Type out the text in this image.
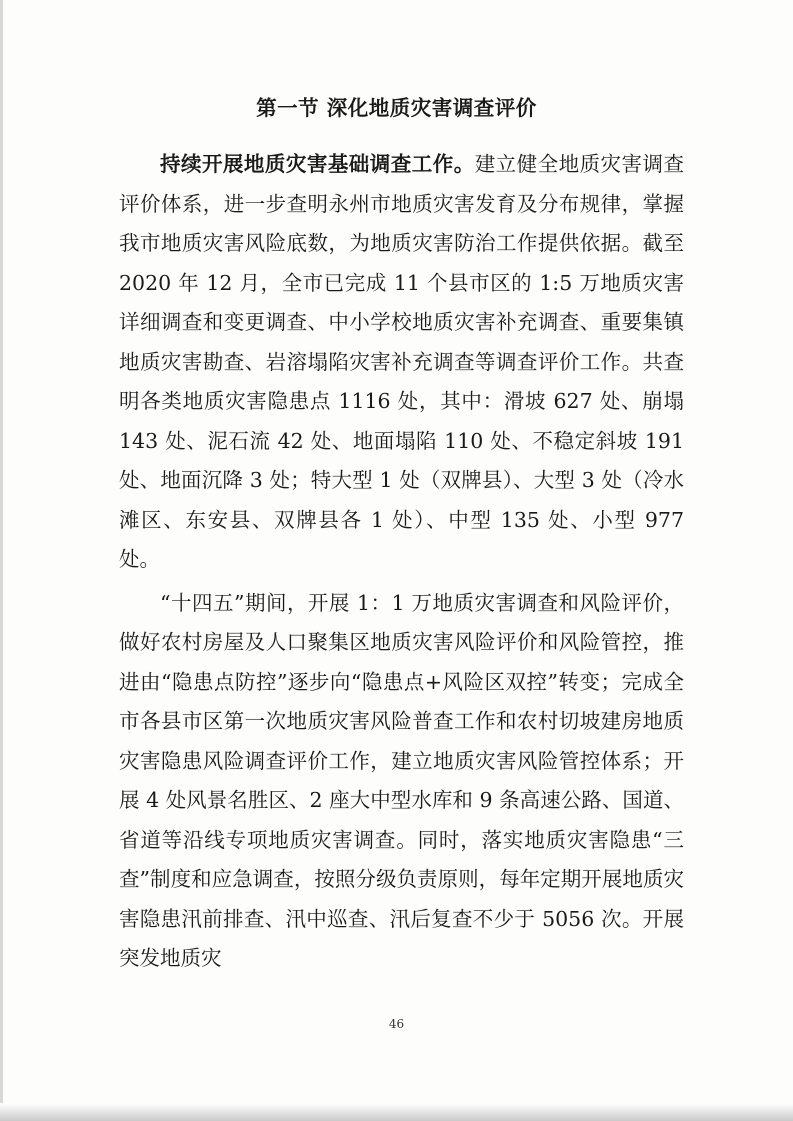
第一节 深化地质灾害调查评价

持续开展地质灾害基础调查工作。建立健全地质灾害调查评价体系，进一步查明永州市地质灾害发育及分布规律，掌握我市地质灾害风险底数，为地质灾害防治工作提供依据。截至 2020 年 12 月，全市已完成 11 个县市区的 1:5 万地质灾害详细调查和变更调查、中小学校地质灾害补充调查、重要集镇地质灾害勘查、岩溶塌陷灾害补充调查等调查评价工作。共查明各类地质灾害隐患点 1116 处，其中：滑坡 627 处、崩塌 143 处、泥石流 42 处、地面塌陷 110 处、不稳定斜坡 191 处、地面沉降 3 处；特大型 1 处（双牌县）、大型 3 处（冷水滩区、东安县、双牌县各 1 处）、中型 135 处、小型 977 处。

“十四五”期间，开展 1：1 万地质灾害调查和风险评价，做好农村房屋及人口聚集区地质灾害风险评价和风险管控，推进由“隐患点防控”逐步向“隐患点+风险区双控”转变；完成全市各县市区第一次地质灾害风险普查工作和农村切坡建房地质灾害隐患风险调查评价工作，建立地质灾害风险管控体系；开展 4 处风景名胜区、2 座大中型水库和 9 条高速公路、国道、省道等沿线专项地质灾害调查。同时，落实地质灾害隐患“三查”制度和应急调查，按照分级负责原则，每年定期开展地质灾害隐患汛前排查、汛中巡查、汛后复查不少于 5056 次。开展突发地质灾

46
